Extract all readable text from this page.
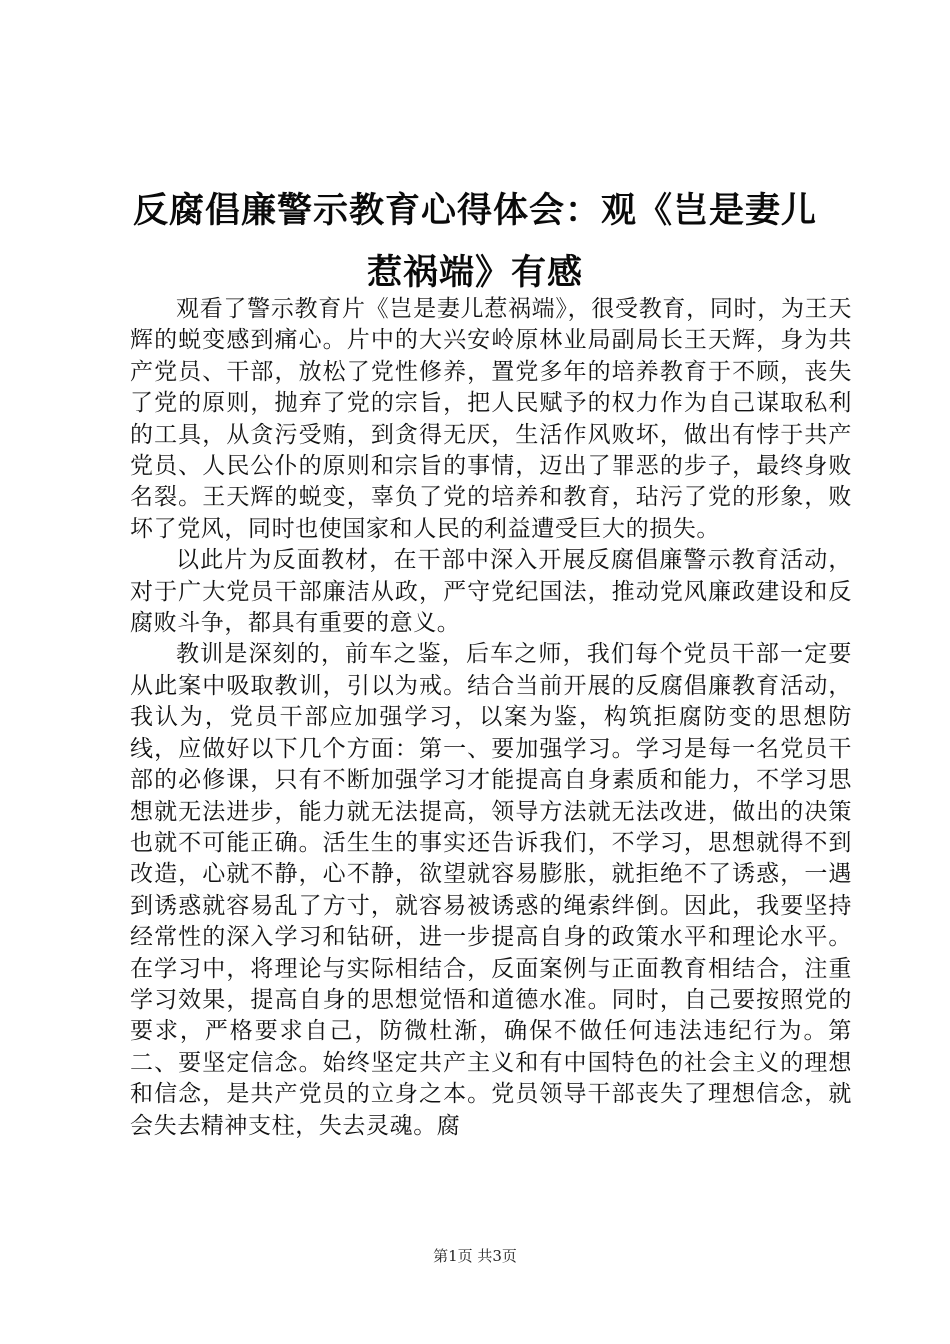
反腐倡廉警示教育心得体会：观《岂是妻儿惹祸端》有感

观看了警示教育片《岂是妻儿惹祸端》，很受教育，同时，为王天辉的蜕变感到痛心。片中的大兴安岭原林业局副局长王天辉，身为共产党员、干部，放松了党性修养，置党多年的培养教育于不顾，丧失了党的原则，抛弃了党的宗旨，把人民赋予的权力作为自己谋取私利的工具，从贪污受贿，到贪得无厌，生活作风败坏，做出有悖于共产党员、人民公仆的原则和宗旨的事情，迈出了罪恶的步子，最终身败名裂。王天辉的蜕变，辜负了党的培养和教育，玷污了党的形象，败坏了党风，同时也使国家和人民的利益遭受巨大的损失。

以此片为反面教材，在干部中深入开展反腐倡廉警示教育活动，对于广大党员干部廉洁从政，严守党纪国法，推动党风廉政建设和反腐败斗争，都具有重要的意义。

教训是深刻的，前车之鉴，后车之师，我们每个党员干部一定要从此案中吸取教训，引以为戒。结合当前开展的反腐倡廉教育活动，我认为，党员干部应加强学习，以案为鉴，构筑拒腐防变的思想防线，应做好以下几个方面：第一、要加强学习。学习是每一名党员干部的必修课，只有不断加强学习才能提高自身素质和能力，不学习思想就无法进步，能力就无法提高，领导方法就无法改进，做出的决策也就不可能正确。活生生的事实还告诉我们，不学习，思想就得不到改造，心就不静，心不静，欲望就容易膨胀，就拒绝不了诱惑，一遇到诱惑就容易乱了方寸，就容易被诱惑的绳索绊倒。因此，我要坚持经常性的深入学习和钻研，进一步提高自身的政策水平和理论水平。在学习中，将理论与实际相结合，反面案例与正面教育相结合，注重学习效果，提高自身的思想觉悟和道德水准。同时，自己要按照党的要求，严格要求自己，防微杜渐，确保不做任何违法违纪行为。第二、要坚定信念。始终坚定共产主义和有中国特色的社会主义的理想和信念，是共产党员的立身之本。党员领导干部丧失了理想信念，就会失去精神支柱，失去灵魂。腐

第1页 共3页
